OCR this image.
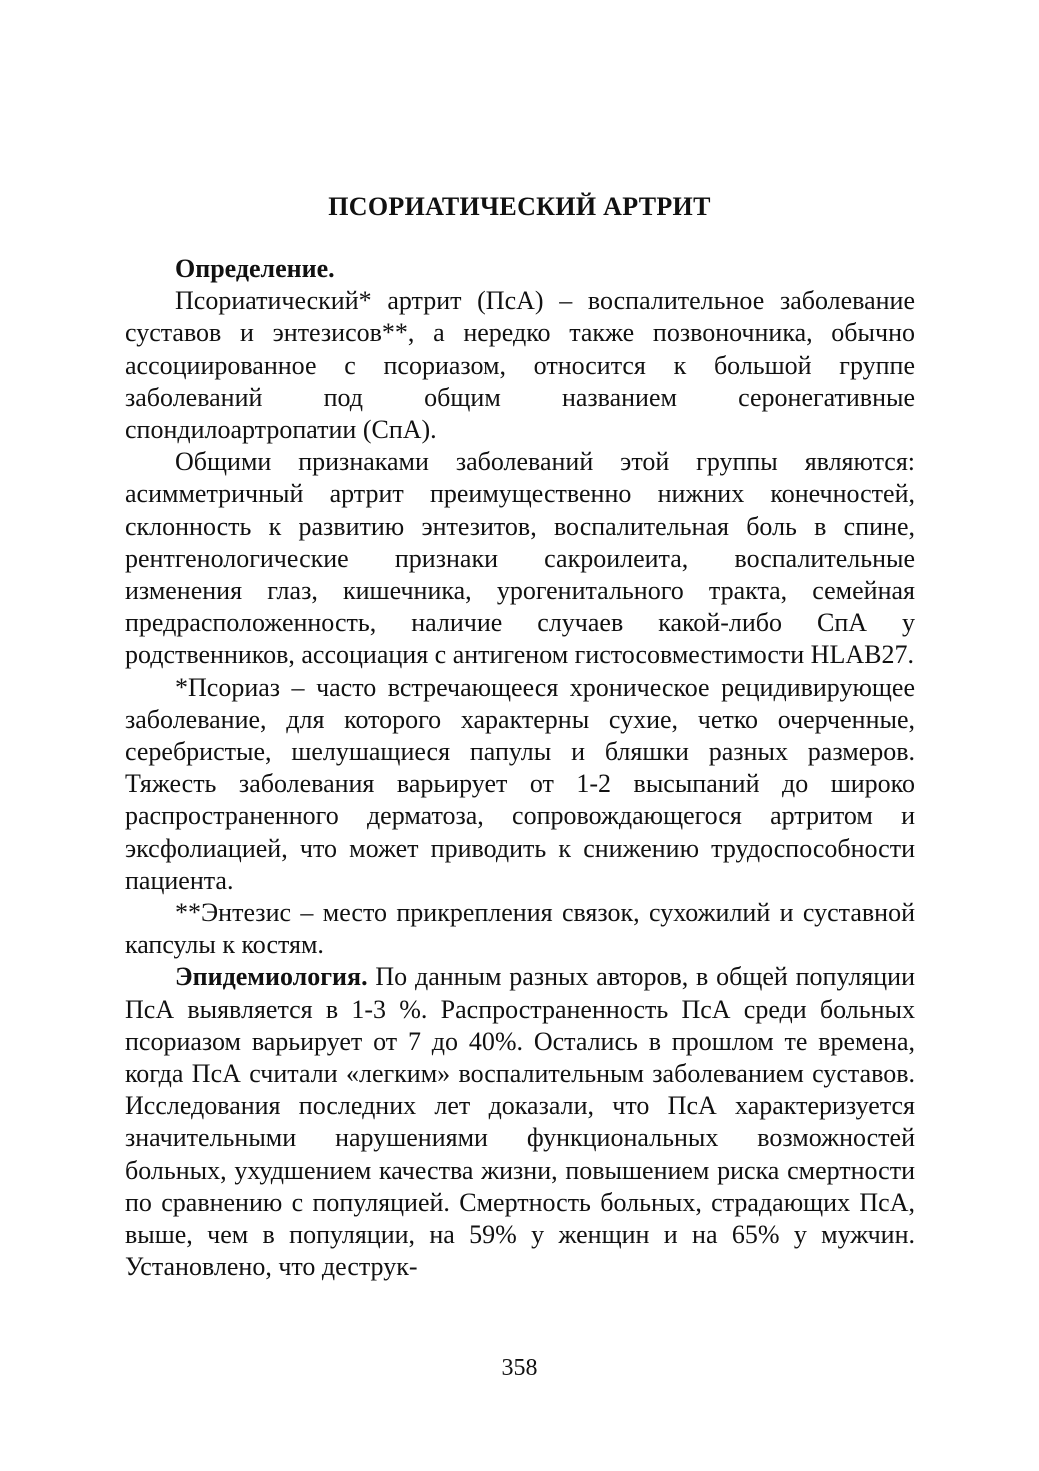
ПСОРИАТИЧЕСКИЙ АРТРИТ

Определение.

Псориатический* артрит (ПсА) – воспалительное заболевание суставов и энтезисов**, а нередко также позвоночника, обычно ассоциированное с псориазом, относится к большой группе заболеваний под общим названием серонегативные спондилоартропатии (СпА).

Общими признаками заболеваний этой группы являются: асимметричный артрит преимущественно нижних конечностей, склонность к развитию энтезитов, воспалительная боль в спине, рентгенологические признаки сакроилеита, воспалительные изменения глаз, кишечника, урогенитального тракта, семейная предрасположенность, наличие случаев какой-либо СпА у родственников, ассоциация с антигеном гистосовместимости HLAB27.

*Псориаз – часто встречающееся хроническое рецидивирующее заболевание, для которого характерны сухие, четко очерченные, серебристые, шелушащиеся папулы и бляшки разных размеров. Тяжесть заболевания варьирует от 1-2 высыпаний до широко распространенного дерматоза, сопровождающегося артритом и эксфолиацией, что может приводить к снижению трудоспособности пациента.

**Энтезис – место прикрепления связок, сухожилий и суставной капсулы к костям.

Эпидемиология. По данным разных авторов, в общей популяции ПсА выявляется в 1-3 %. Распространенность ПсА среди больных псориазом варьирует от 7 до 40%. Остались в прошлом те времена, когда ПсА считали «легким» воспалительным заболеванием суставов. Исследования последних лет доказали, что ПсА характеризуется значительными нарушениями функциональных возможностей больных, ухудшением качества жизни, повышением риска смертности по сравнению с популяцией. Смертность больных, страдающих ПсА, выше, чем в популяции, на 59% у женщин и на 65% у мужчин. Установлено, что деструк-

358
